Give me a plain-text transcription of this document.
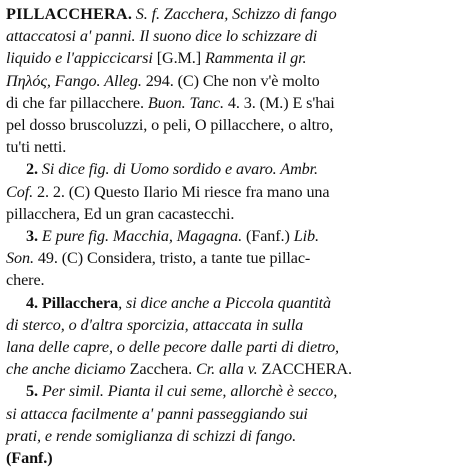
PILLACCHERA. S. f. Zacchera, Schizzo di fango
attaccatosi a' panni. Il suono dice lo schizzare di
liquido e l'appiccicarsi [G.M.] Rammenta il gr.
Πηλός, Fango. Alleg. 294. (C) Che non v'è molto
di che far pillacchere. Buon. Tanc. 4. 3. (M.) E s'hai
pel dosso bruscoluzzi, o peli, O pillacchere, o altro,
tu'ti netti.
2. Si dice fig. di Uomo sordido e avaro. Ambr.
Cof. 2. 2. (C) Questo Ilario Mi riesce fra mano una
pillacchera, Ed un gran cacastecchi.
3. E pure fig. Macchia, Magagna. (Fanf.) Lib.
Son. 49. (C) Considera, tristo, a tante tue pillac-
chere.
4. Pillacchera, si dice anche a Piccola quantità
di sterco, o d'altra sporcizia, attaccata in sulla
lana delle capre, o delle pecore dalle parti di dietro,
che anche diciamo Zacchera. Cr. alla v. ZACCHERA.
5. Per simil. Pianta il cui seme, allorchè è secco,
si attacca facilmente a' panni passeggiando sui
prati, e rende somiglianza di schizzi di fango.
(Fanf.)
